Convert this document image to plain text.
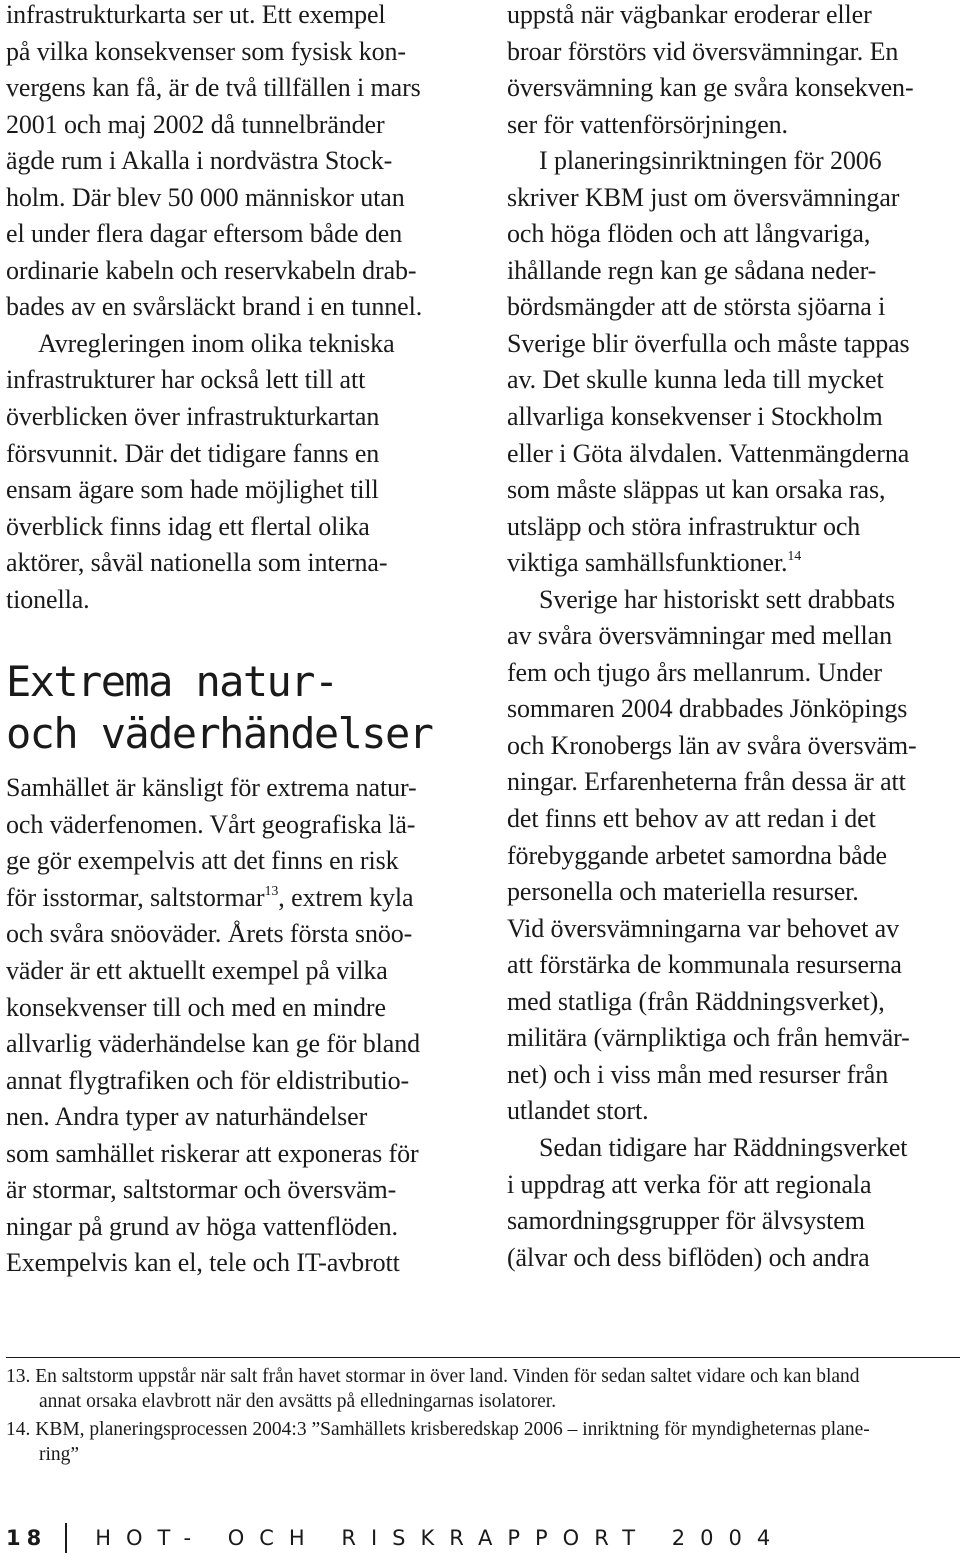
infrastrukturkarta ser ut. Ett exempel
på vilka konsekvenser som fysisk kon-
vergens kan få, är de två tillfällen i mars
2001 och maj 2002 då tunnelbränder
ägde rum i Akalla i nordvästra Stock-
holm. Där blev 50 000 människor utan
el under flera dagar eftersom både den
ordinarie kabeln och reservkabeln drab-
bades av en svårsläckt brand i en tunnel.
Avregleringen inom olika tekniska
infrastrukturer har också lett till att
överblicken över infrastrukturkartan
försvunnit. Där det tidigare fanns en
ensam ägare som hade möjlighet till
överblick finns idag ett flertal olika
aktörer, såväl nationella som interna-
tionella.
Extrema natur-
och väderhändelser
Samhället är känsligt för extrema natur-
och väderfenomen. Vårt geografiska lä-
ge gör exempelvis att det finns en risk
för isstormar, saltstormar$^{13}$, extrem kyla
och svåra snöoväder. Årets första snöo-
väder är ett aktuellt exempel på vilka
konsekvenser till och med en mindre
allvarlig väderhändelse kan ge för bland
annat flygtrafiken och för eldistributio-
nen. Andra typer av naturhändelser
som samhället riskerar att exponeras för
är stormar, saltstormar och översväm-
ningar på grund av höga vattenflöden.
Exempelvis kan el, tele och IT-avbrott
uppstå när vägbankar eroderar eller
broar förstörs vid översvämningar. En
översvämning kan ge svåra konsekven-
ser för vattenförsörjningen.
I planeringsinriktningen för 2006
skriver KBM just om översvämningar
och höga flöden och att långvariga,
ihållande regn kan ge sådana neder-
bördsmängder att de största sjöarna i
Sverige blir överfulla och måste tappas
av. Det skulle kunna leda till mycket
allvarliga konsekvenser i Stockholm
eller i Göta älvdalen. Vattenmängderna
som måste släppas ut kan orsaka ras,
utsläpp och störa infrastruktur och
viktiga samhällsfunktioner.$^{14}$
Sverige har historiskt sett drabbats
av svåra översvämningar med mellan
fem och tjugo års mellanrum. Under
sommaren 2004 drabbades Jönköpings
och Kronobergs län av svåra översväm-
ningar. Erfarenheterna från dessa är att
det finns ett behov av att redan i det
förebyggande arbetet samordna både
personella och materiella resurser.
Vid översvämningarna var behovet av
att förstärka de kommunala resurserna
med statliga (från Räddningsverket),
militära (värnpliktiga och från hemvär-
net) och i viss mån med resurser från
utlandet stort.
Sedan tidigare har Räddningsverket
i uppdrag att verka för att regionala
samordningsgrupper för älvsystem
(älvar och dess biflöden) och andra
13. En saltstorm uppstår när salt från havet stormar in över land. Vinden för sedan saltet vidare och kan bland
annat orsaka elavbrott när den avsätts på elledningarnas isolatorer.
14. KBM, planeringsprocessen 2004:3 ”Samhällets krisberedskap 2006 – inriktning för myndigheternas plane-
ring”
18 HOT- OCH RISKRAPPORT 2004
